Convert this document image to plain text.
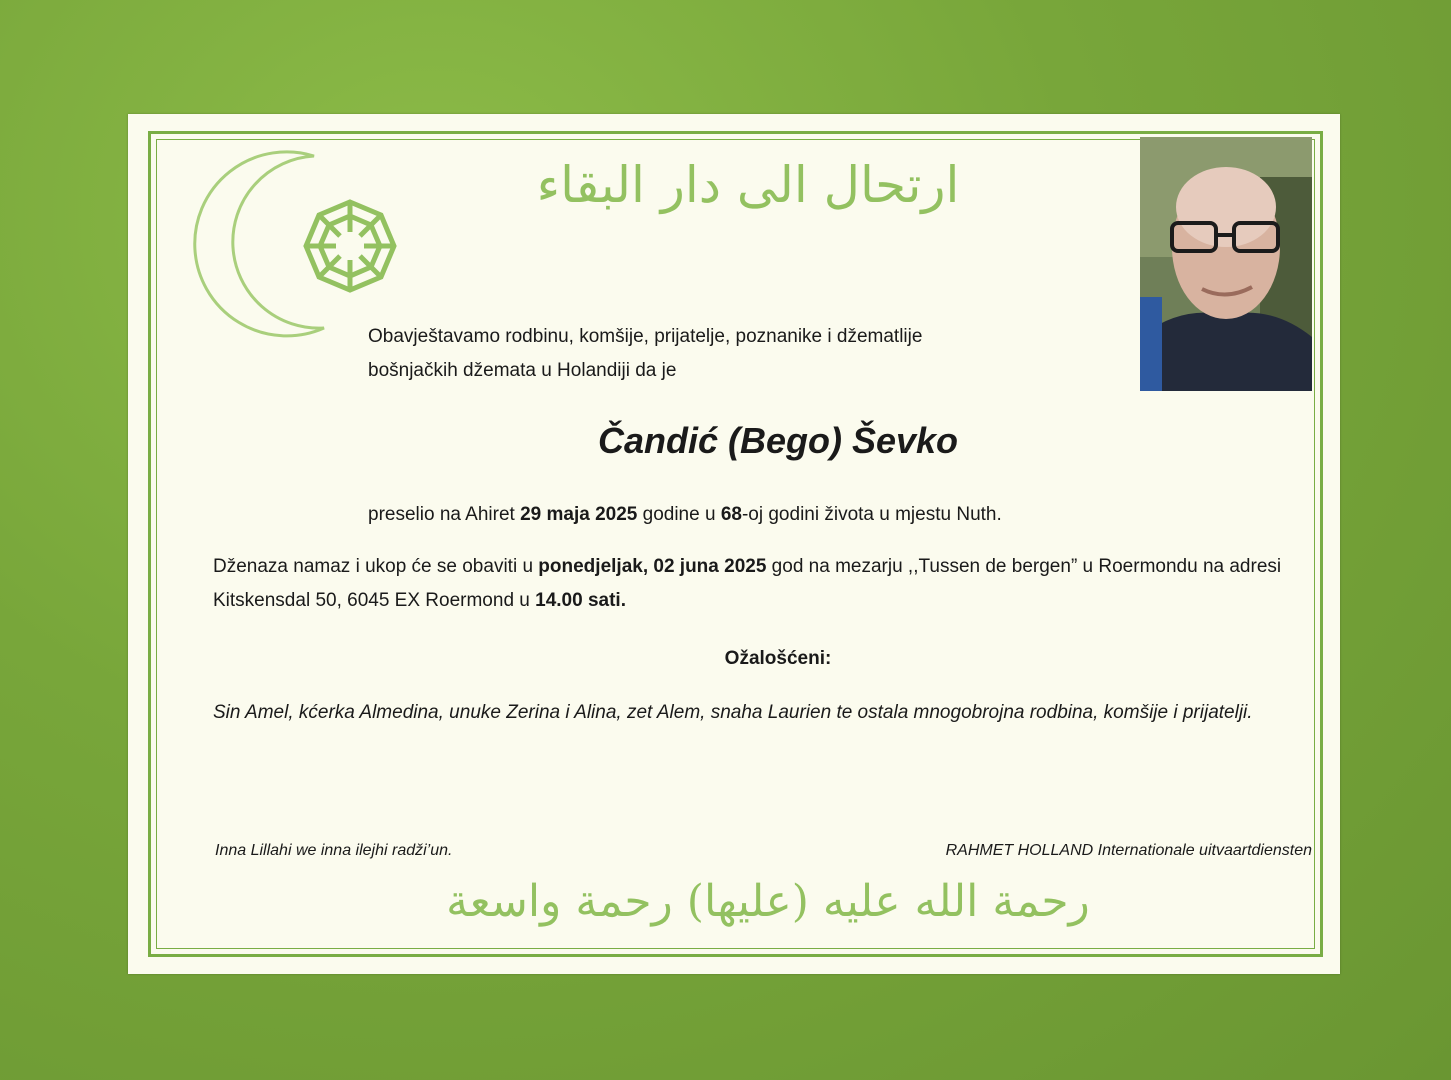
ارتحال الى دار البقاء
Obavještavamo rodbinu, komšije, prijatelje, poznanike i džematlije
bošnjačkih džemata u Holandiji da je
Čandić (Bego) Ševko
preselio na Ahiret 29 maja 2025 godine u 68-oj godini života u mjestu Nuth.
Dženaza namaz i ukop će se obaviti u ponedjeljak, 02 juna 2025 god na mezarju ,,Tussen de bergen” u Roermondu na adresi Kitskensdal 50, 6045 EX Roermond u 14.00 sati.
Ožalošćeni:
Sin Amel, kćerka Almedina, unuke Zerina i Alina, zet Alem, snaha Laurien te ostala mnogobrojna rodbina, komšije i prijatelji.
Inna Lillahi we inna ilejhi radži’un.	RAHMET HOLLAND Internationale uitvaartdiensten
رحمة الله عليه (عليها) رحمة واسعة
